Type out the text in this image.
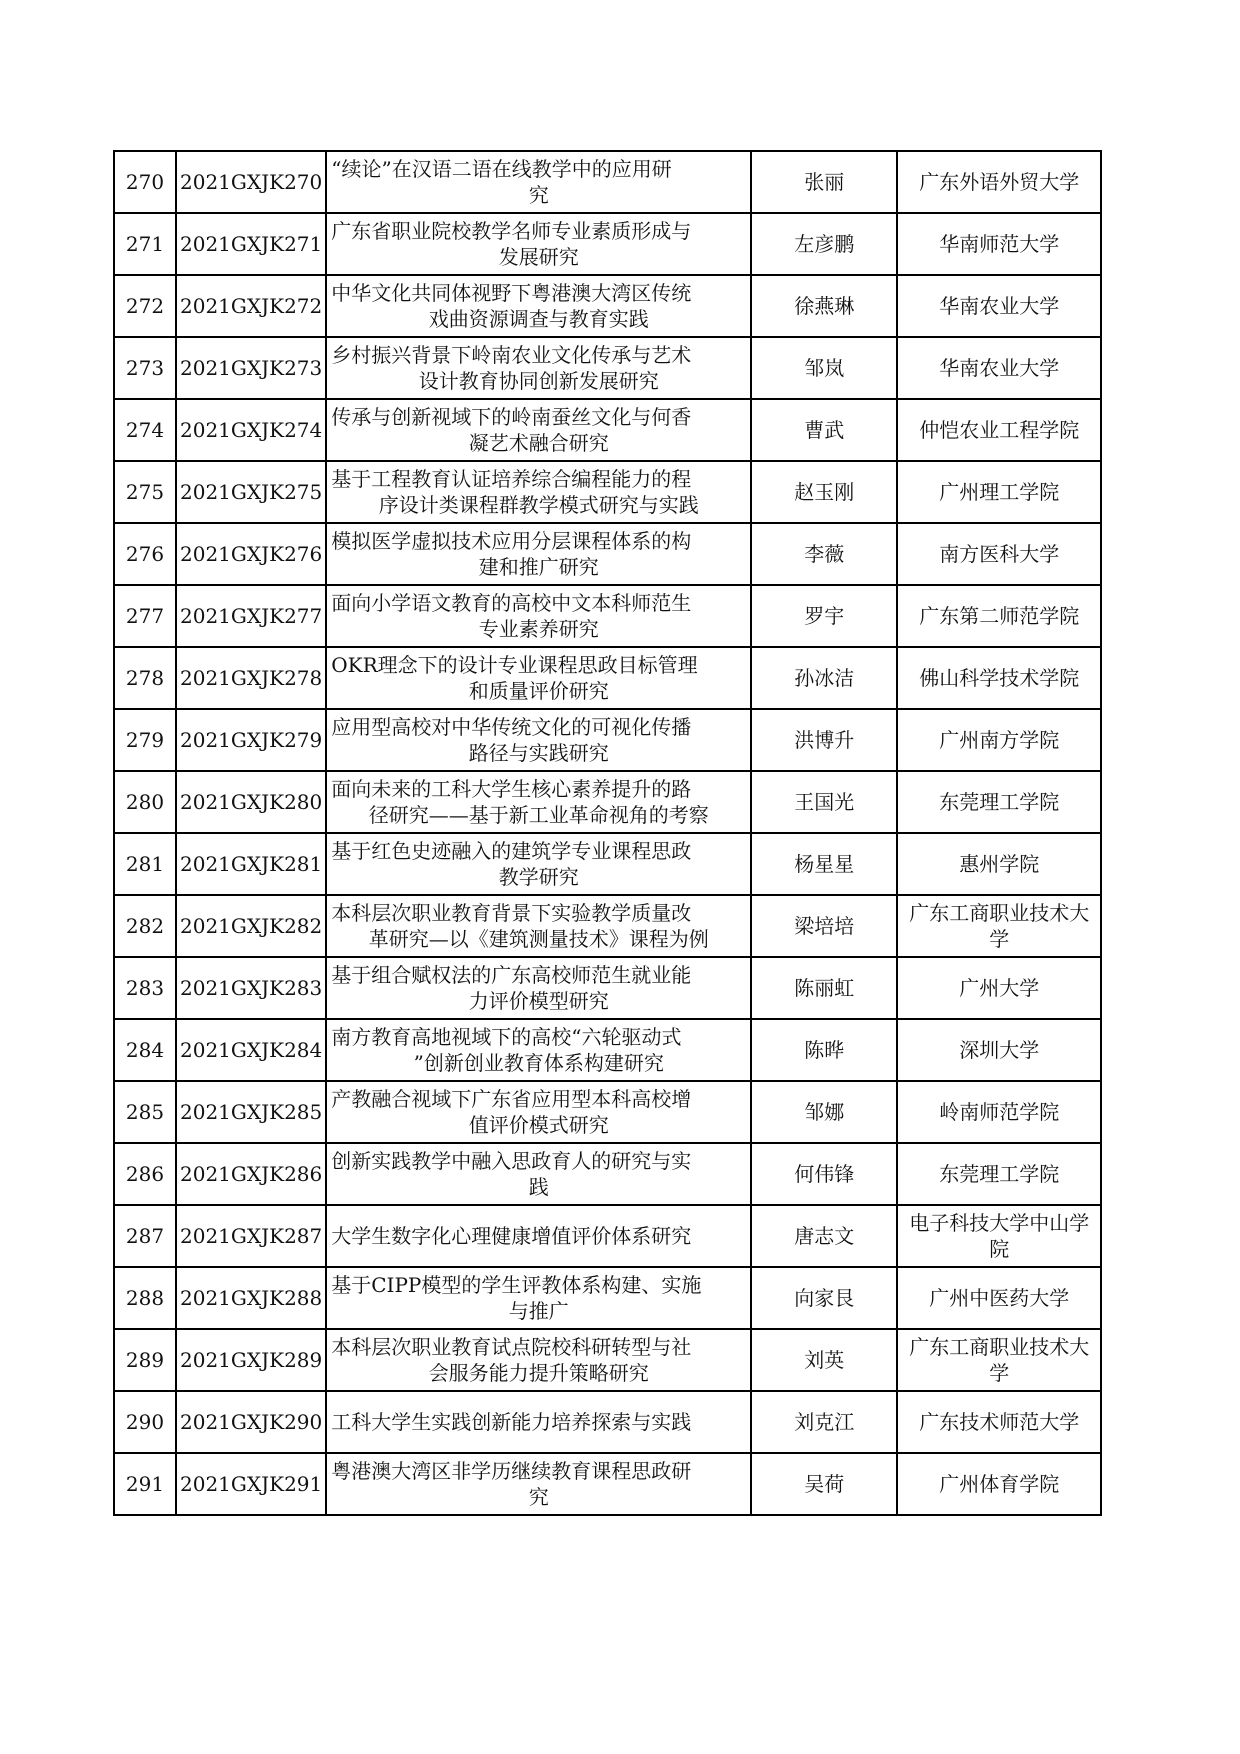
270	2021GXJK270	“续论”在汉语二语在线教学中的应用研
究	张丽	广东外语外贸大学
271	2021GXJK271	广东省职业院校教学名师专业素质形成与
发展研究	左彦鹏	华南师范大学
272	2021GXJK272	中华文化共同体视野下粤港澳大湾区传统
戏曲资源调查与教育实践	徐燕琳	华南农业大学
273	2021GXJK273	乡村振兴背景下岭南农业文化传承与艺术
设计教育协同创新发展研究	邹岚	华南农业大学
274	2021GXJK274	传承与创新视域下的岭南蚕丝文化与何香
凝艺术融合研究	曹武	仲恺农业工程学院
275	2021GXJK275	基于工程教育认证培养综合编程能力的程
序设计类课程群教学模式研究与实践	赵玉刚	广州理工学院
276	2021GXJK276	模拟医学虚拟技术应用分层课程体系的构
建和推广研究	李薇	南方医科大学
277	2021GXJK277	面向小学语文教育的高校中文本科师范生
专业素养研究	罗宇	广东第二师范学院
278	2021GXJK278	OKR理念下的设计专业课程思政目标管理
和质量评价研究	孙冰洁	佛山科学技术学院
279	2021GXJK279	应用型高校对中华传统文化的可视化传播
路径与实践研究	洪博升	广州南方学院
280	2021GXJK280	面向未来的工科大学生核心素养提升的路
径研究——基于新工业革命视角的考察	王国光	东莞理工学院
281	2021GXJK281	基于红色史迹融入的建筑学专业课程思政
教学研究	杨星星	惠州学院
282	2021GXJK282	本科层次职业教育背景下实验教学质量改
革研究—以《建筑测量技术》课程为例	梁培培	广东工商职业技术大学
283	2021GXJK283	基于组合赋权法的广东高校师范生就业能
力评价模型研究	陈丽虹	广州大学
284	2021GXJK284	南方教育高地视域下的高校“六轮驱动式
”创新创业教育体系构建研究	陈晔	深圳大学
285	2021GXJK285	产教融合视域下广东省应用型本科高校增
值评价模式研究	邹娜	岭南师范学院
286	2021GXJK286	创新实践教学中融入思政育人的研究与实
践	何伟锋	东莞理工学院
287	2021GXJK287	大学生数字化心理健康增值评价体系研究	唐志文	电子科技大学中山学院
288	2021GXJK288	基于CIPP模型的学生评教体系构建、实施
与推广	向家艮	广州中医药大学
289	2021GXJK289	本科层次职业教育试点院校科研转型与社
会服务能力提升策略研究	刘英	广东工商职业技术大学
290	2021GXJK290	工科大学生实践创新能力培养探索与实践	刘克江	广东技术师范大学
291	2021GXJK291	粤港澳大湾区非学历继续教育课程思政研
究	吴荷	广州体育学院
